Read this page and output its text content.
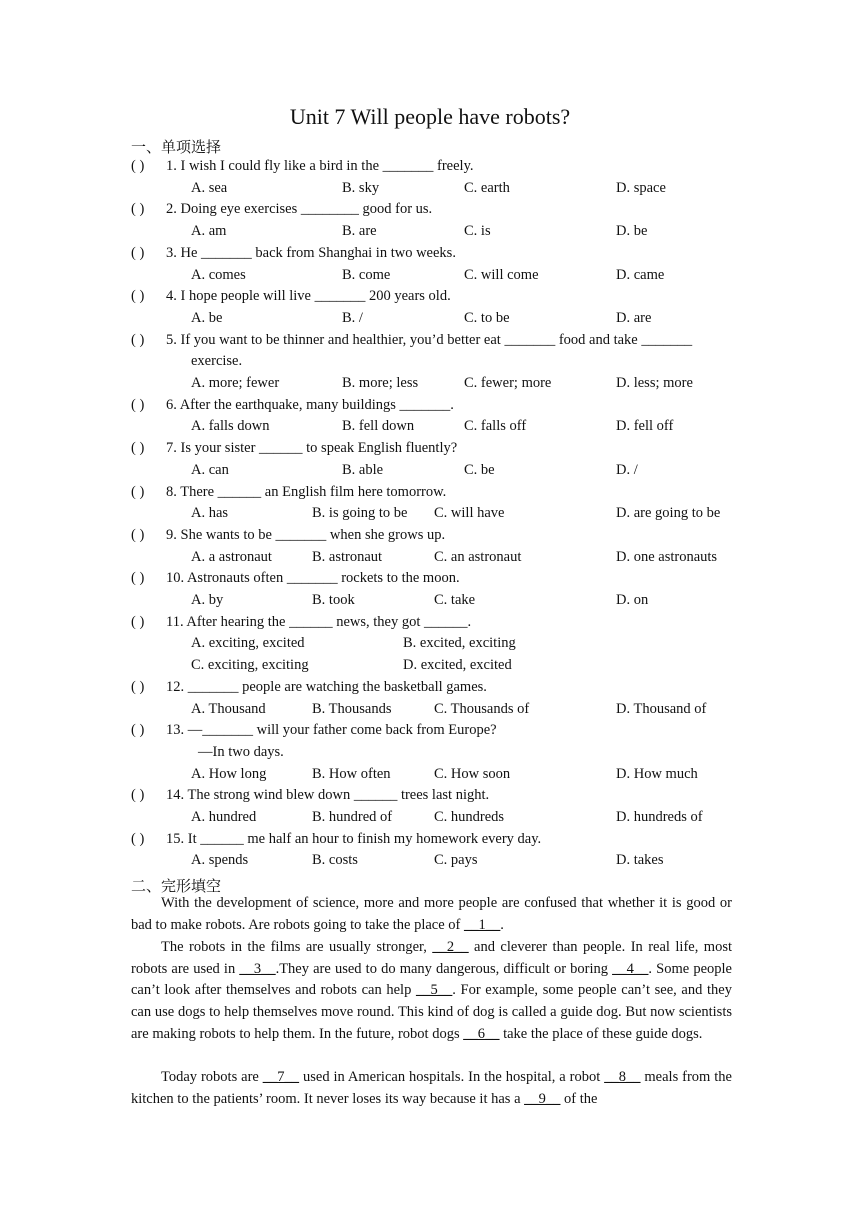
Unit 7 Will people have robots?
一、单项选择
( ) 1. I wish I could fly like a bird in the _______ freely.
A. sea	B. sky	C. earth	D. space
( ) 2. Doing eye exercises ________ good for us.
A. am	B. are	C. is	D. be
( ) 3. He _______ back from Shanghai in two weeks.
A. comes	B. come	C. will come	D. came
( ) 4. I hope people will live _______ 200 years old.
A. be	B. /	C. to be	D. are
( ) 5. If you want to be thinner and healthier, you’d better eat _______ food and take _______
exercise.
A. more; fewer	B. more; less	C. fewer; more	D. less; more
( ) 6. After the earthquake, many buildings _______.
A. falls down	B. fell down	C. falls off	D. fell off
( ) 7. Is your sister ______ to speak English fluently?
A. can	B. able	C. be	D. /
( ) 8. There ______ an English film here tomorrow.
A. has	B. is going to be C. will have	D. are going to be
( ) 9. She wants to be _______ when she grows up.
A. a astronaut	B. astronaut	C. an astronaut	D. one astronauts
( ) 10. Astronauts often _______ rockets to the moon.
A. by	B. took	C. take	D. on
( ) 11. After hearing the ______ news, they got ______.
A. exciting, excited	B. excited, exciting
C. exciting, exciting	D. excited, excited
( ) 12. _______ people are watching the basketball games.
A. Thousand	B. Thousands	C. Thousands of	D. Thousand of
( ) 13. —_______ will your father come back from Europe?
—In two days.
A. How long	B. How often	C. How soon	D. How much
( ) 14. The strong wind blew down ______ trees last night.
A. hundred	B. hundred of	C. hundreds	D. hundreds of
( ) 15. It ______ me half an hour to finish my homework every day.
A. spends	B. costs	C. pays	D. takes
二、完形填空
With the development of science, more and more people are confused that whether it is good or bad to make robots. Are robots going to take the place of __1__.
The robots in the films are usually stronger, __2__ and cleverer than people. In real life, most robots are used in __3__.They are used to do many dangerous, difficult or boring __4__. Some people can’t look after themselves and robots can help __5__. For example, some people can’t see, and they can use dogs to help themselves move round. This kind of dog is called a guide dog. But now scientists are making robots to help them. In the future, robot dogs __6__ take the place of these guide dogs.
Today robots are __7__ used in American hospitals. In the hospital, a robot __8__ meals from the kitchen to the patients’ room. It never loses its way because it has a __9__ of the
